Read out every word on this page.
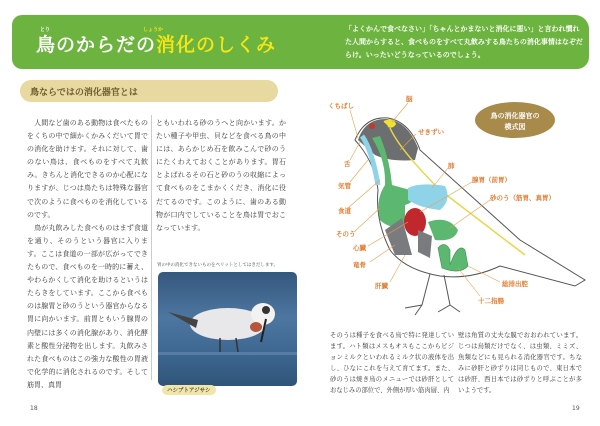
とり	しょうか
鳥のからだの消化のしくみ
「よくかんで食べなさい」「ちゃんとかまないと消化に悪い」と言われ慣れた人間からすると、食べものをすべて丸飲みする鳥たちの消化事情はなぞだらけ。いったいどうなっているのでしょう。
鳥ならではの消化器官とは
　人間など歯のある動物は食べたものをくちの中で細かくかみくだいて胃での消化を助けます。それに対して、歯のない鳥は、食べものをすべて丸飲み。きちんと消化できるのか心配になりますが、じつは鳥たちは特殊な器官で次のように食べものを消化しているのです。
　鳥が丸飲みした食べものはまず食道を通り、そのうという器官に入ります。ここは食道の一部が広がってできたもので、食べものを一時的に蓄え、やわらかくして消化を助けるというはたらきをしています。ここから食べものは腺胃と砂のうという器官からなる胃に向かいます。前胃ともいう腺胃の内壁には多くの消化腺があり、消化酵素と酸性分泌物を出します。丸飲みされた食べものはこの強力な酸性の胃液で化学的に消化されるのです。そして筋胃、真胃
ともいわれる砂のうへと向かいます。かたい種子や甲虫、貝などを食べる鳥の中には、あらかじめ石を飲みこんで砂のうにたくわえておくことがあります。胃石とよばれるその石と砂のうの収縮によって食べものをこまかくくだき、消化に役だてるのです。このように、歯のある動物が口内でしていることを鳥は胃でおこなっています。
胃の中の消化できないものをペリットとしてはきだします。
ハシブトアジサシ
18
鳥の消化器官の
模式図
くちばし
脳
せきずい
舌
気管
肺
腺胃（前胃）
食道
砂のう（筋胃、真胃）
そのう
心臓
竜骨
肝臓	総排出腔
十二指腸
そのうは種子を食べる鳥で特に発達しています。ハト類はメスもオスもここからピジョンミルクといわれるミルク状の液体を出し、ひなにこれを与えて育てます。また、砂のうは焼き鳥のメニューでは砂肝としておなじみの部位で、外側が厚い筋肉層、内
壁は角質の丈夫な膜でおおわれています。じつは鳥類だけでなく、は虫類、ミミズ、魚類などにも見られる消化器官です。ちなみに砂肝と砂ずりは同じもので、東日本では砂肝、西日本では砂ずりと呼ぶことが多いようです。
19
